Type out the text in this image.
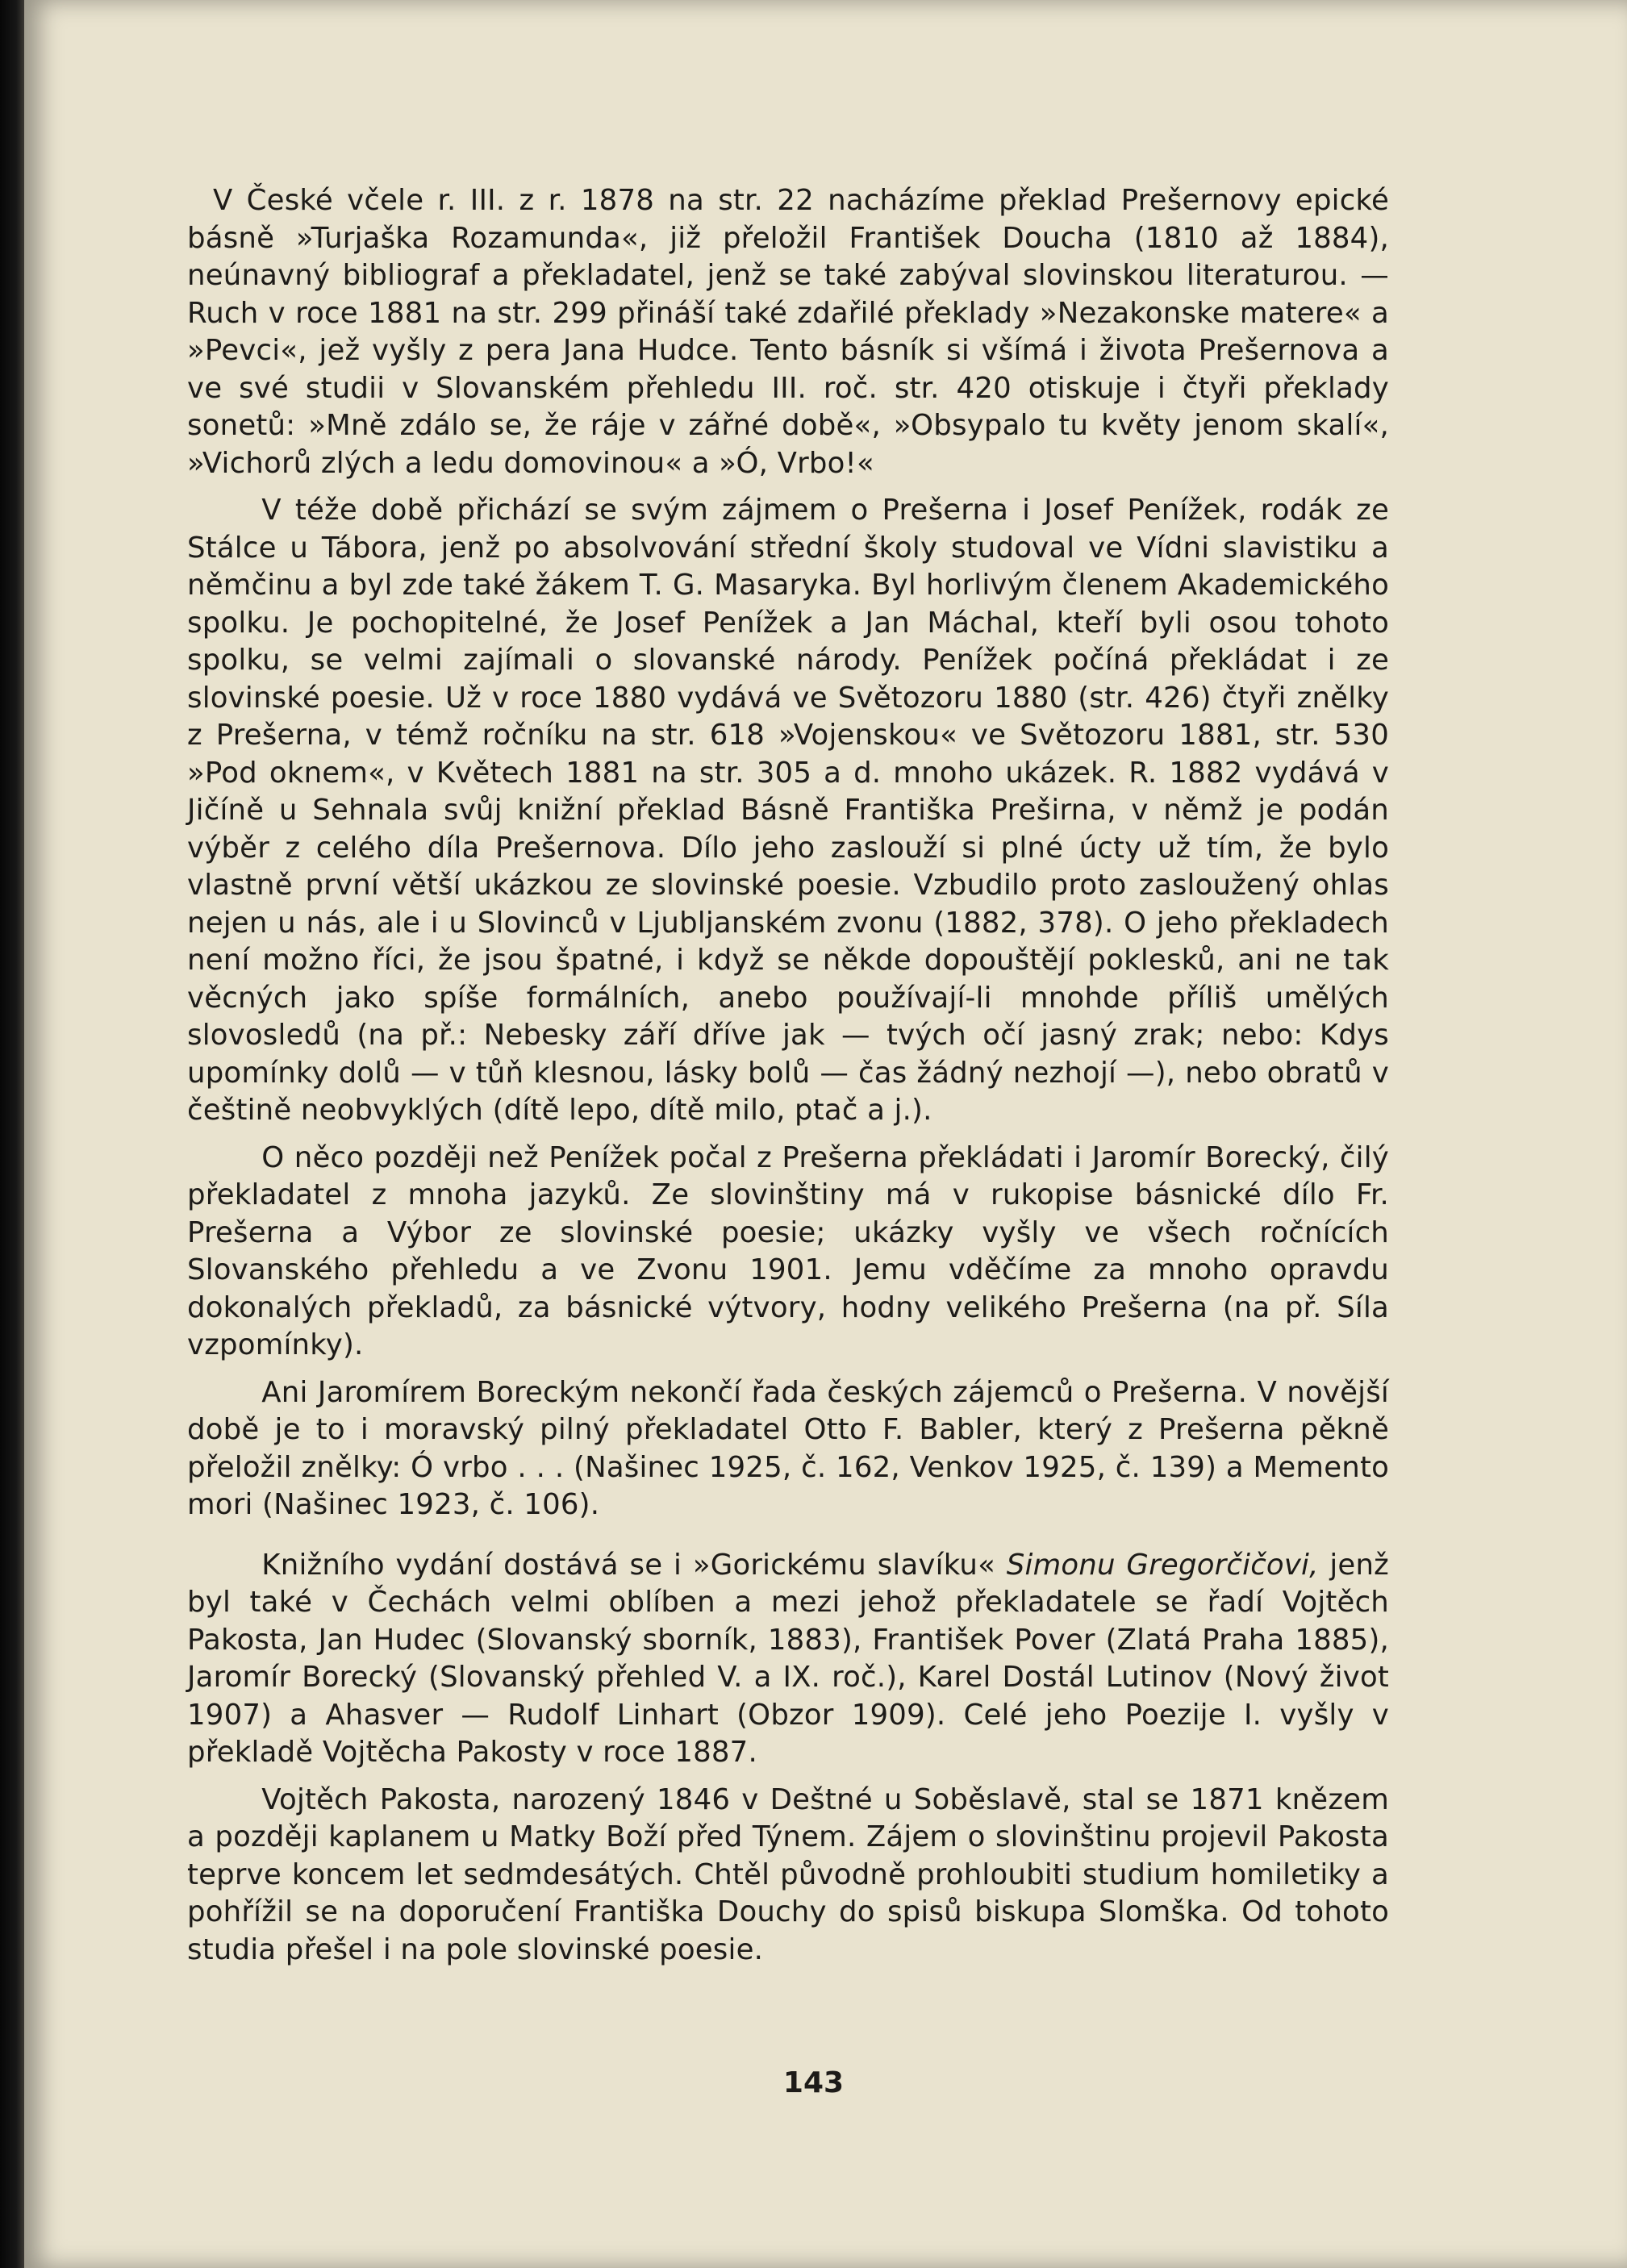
V České včele r. III. z r. 1878 na str. 22 nacházíme překlad Prešernovy epické básně »Turjaška Rozamunda«, již přeložil František Doucha (1810 až 1884), neúnavný bibliograf a překladatel, jenž se také zabýval slovinskou literaturou. — Ruch v roce 1881 na str. 299 přináší také zdařilé překlady »Nezakonske matere« a »Pevci«, jež vyšly z pera Jana Hudce. Tento básník si všímá i života Prešernova a ve své studii v Slovanském přehledu III. roč. str. 420 otiskuje i čtyři překlady sonetů: »Mně zdálo se, že ráje v zářné době«, »Obsypalo tu květy jenom skalí«, »Vichorů zlých a ledu domovinou« a »Ó, Vrbo!«

V téže době přichází se svým zájmem o Prešerna i Josef Penížek, rodák ze Stálce u Tábora, jenž po absolvování střední školy studoval ve Vídni slavistiku a němčinu a byl zde také žákem T. G. Masaryka. Byl horlivým členem Akademického spolku. Je pochopitelné, že Josef Penížek a Jan Máchal, kteří byli osou tohoto spolku, se velmi zajímali o slovanské národy. Penížek počíná překládat i ze slovinské poesie. Už v roce 1880 vydává ve Světozoru 1880 (str. 426) čtyři znělky z Prešerna, v témž ročníku na str. 618 »Vojenskou« ve Světozoru 1881, str. 530 »Pod oknem«, v Květech 1881 na str. 305 a d. mnoho ukázek. R. 1882 vydává v Jičíně u Sehnala svůj knižní překlad Básně Františka Preširna, v němž je podán výběr z celého díla Prešernova. Dílo jeho zaslouží si plné úcty už tím, že bylo vlastně první větší ukázkou ze slovinské poesie. Vzbudilo proto zasloužený ohlas nejen u nás, ale i u Slovinců v Ljubljanském zvonu (1882, 378). O jeho překladech není možno říci, že jsou špatné, i když se někde dopouštějí poklesků, ani ne tak věcných jako spíše formálních, anebo používají-li mnohde příliš umělých slovosledů (na př.: Nebesky září dříve jak — tvých očí jasný zrak; nebo: Kdys upomínky dolů — v tůň klesnou, lásky bolů — čas žádný nezhojí —), nebo obratů v češtině neobvyklých (dítě lepo, dítě milo, ptač a j.).

O něco později než Penížek počal z Prešerna překládati i Jaromír Borecký, čilý překladatel z mnoha jazyků. Ze slovinštiny má v rukopise básnické dílo Fr. Prešerna a Výbor ze slovinské poesie; ukázky vyšly ve všech ročnících Slovanského přehledu a ve Zvonu 1901. Jemu vděčíme za mnoho opravdu dokonalých překladů, za básnické výtvory, hodny velikého Prešerna (na př. Síla vzpomínky).

Ani Jaromírem Boreckým nekončí řada českých zájemců o Prešerna. V novější době je to i moravský pilný překladatel Otto F. Babler, který z Prešerna pěkně přeložil znělky: Ó vrbo . . . (Našinec 1925, č. 162, Venkov 1925, č. 139) a Memento mori (Našinec 1923, č. 106).

Knižního vydání dostává se i »Gorickému slavíku« Simonu Gregorčičovi, jenž byl také v Čechách velmi oblíben a mezi jehož překladatele se řadí Vojtěch Pakosta, Jan Hudec (Slovanský sborník, 1883), František Pover (Zlatá Praha 1885), Jaromír Borecký (Slovanský přehled V. a IX. roč.), Karel Dostál Lutinov (Nový život 1907) a Ahasver — Rudolf Linhart (Obzor 1909). Celé jeho Poezije I. vyšly v překladě Vojtěcha Pakosty v roce 1887.

Vojtěch Pakosta, narozený 1846 v Deštné u Soběslavě, stal se 1871 knězem a později kaplanem u Matky Boží před Týnem. Zájem o slovinštinu projevil Pakosta teprve koncem let sedmdesátých. Chtěl původně prohloubiti studium homiletiky a pohřížil se na doporučení Františka Douchy do spisů biskupa Slomška. Od tohoto studia přešel i na pole slovinské poesie.

143
